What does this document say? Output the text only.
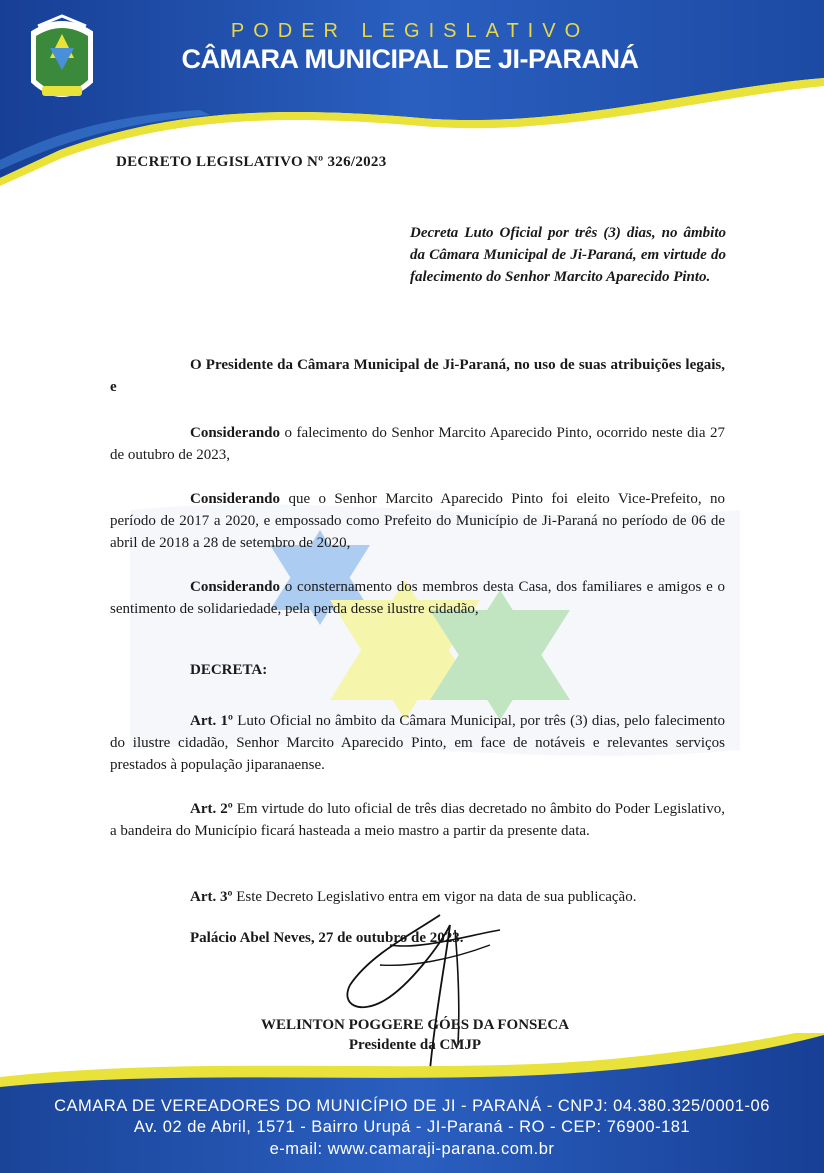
PODER LEGISLATIVO
CÂMARA MUNICIPAL DE JI-PARANÁ
DECRETO LEGISLATIVO Nº 326/2023
Decreta Luto Oficial por três (3) dias, no âmbito da Câmara Municipal de Ji-Paraná, em virtude do falecimento do Senhor Marcito Aparecido Pinto.
O Presidente da Câmara Municipal de Ji-Paraná, no uso de suas atribuições legais, e
Considerando o falecimento do Senhor Marcito Aparecido Pinto, ocorrido neste dia 27 de outubro de 2023,
Considerando que o Senhor Marcito Aparecido Pinto foi eleito Vice-Prefeito, no período de 2017 a 2020, e empossado como Prefeito do Município de Ji-Paraná no período de 06 de abril de 2018 a 28 de setembro de 2020,
Considerando o consternamento dos membros desta Casa, dos familiares e amigos e o sentimento de solidariedade, pela perda desse ilustre cidadão,
DECRETA:
Art. 1º Luto Oficial no âmbito da Câmara Municipal, por três (3) dias, pelo falecimento do ilustre cidadão, Senhor Marcito Aparecido Pinto, em face de notáveis e relevantes serviços prestados à população jiparanaense.
Art. 2º Em virtude do luto oficial de três dias decretado no âmbito do Poder Legislativo, a bandeira do Município ficará hasteada a meio mastro a partir da presente data.
Art. 3º Este Decreto Legislativo entra em vigor na data de sua publicação.
Palácio Abel Neves, 27 de outubro de 2023.
WELINTON POGGERE GÓES DA FONSECA
Presidente da CMJP
CAMARA DE VEREADORES DO MUNICÍPIO DE JI - PARANÁ - CNPJ: 04.380.325/0001-06
Av. 02 de Abril, 1571 - Bairro Urupá - JI-Paraná - RO - CEP: 76900-181
e-mail: www.camaraji-parana.com.br
